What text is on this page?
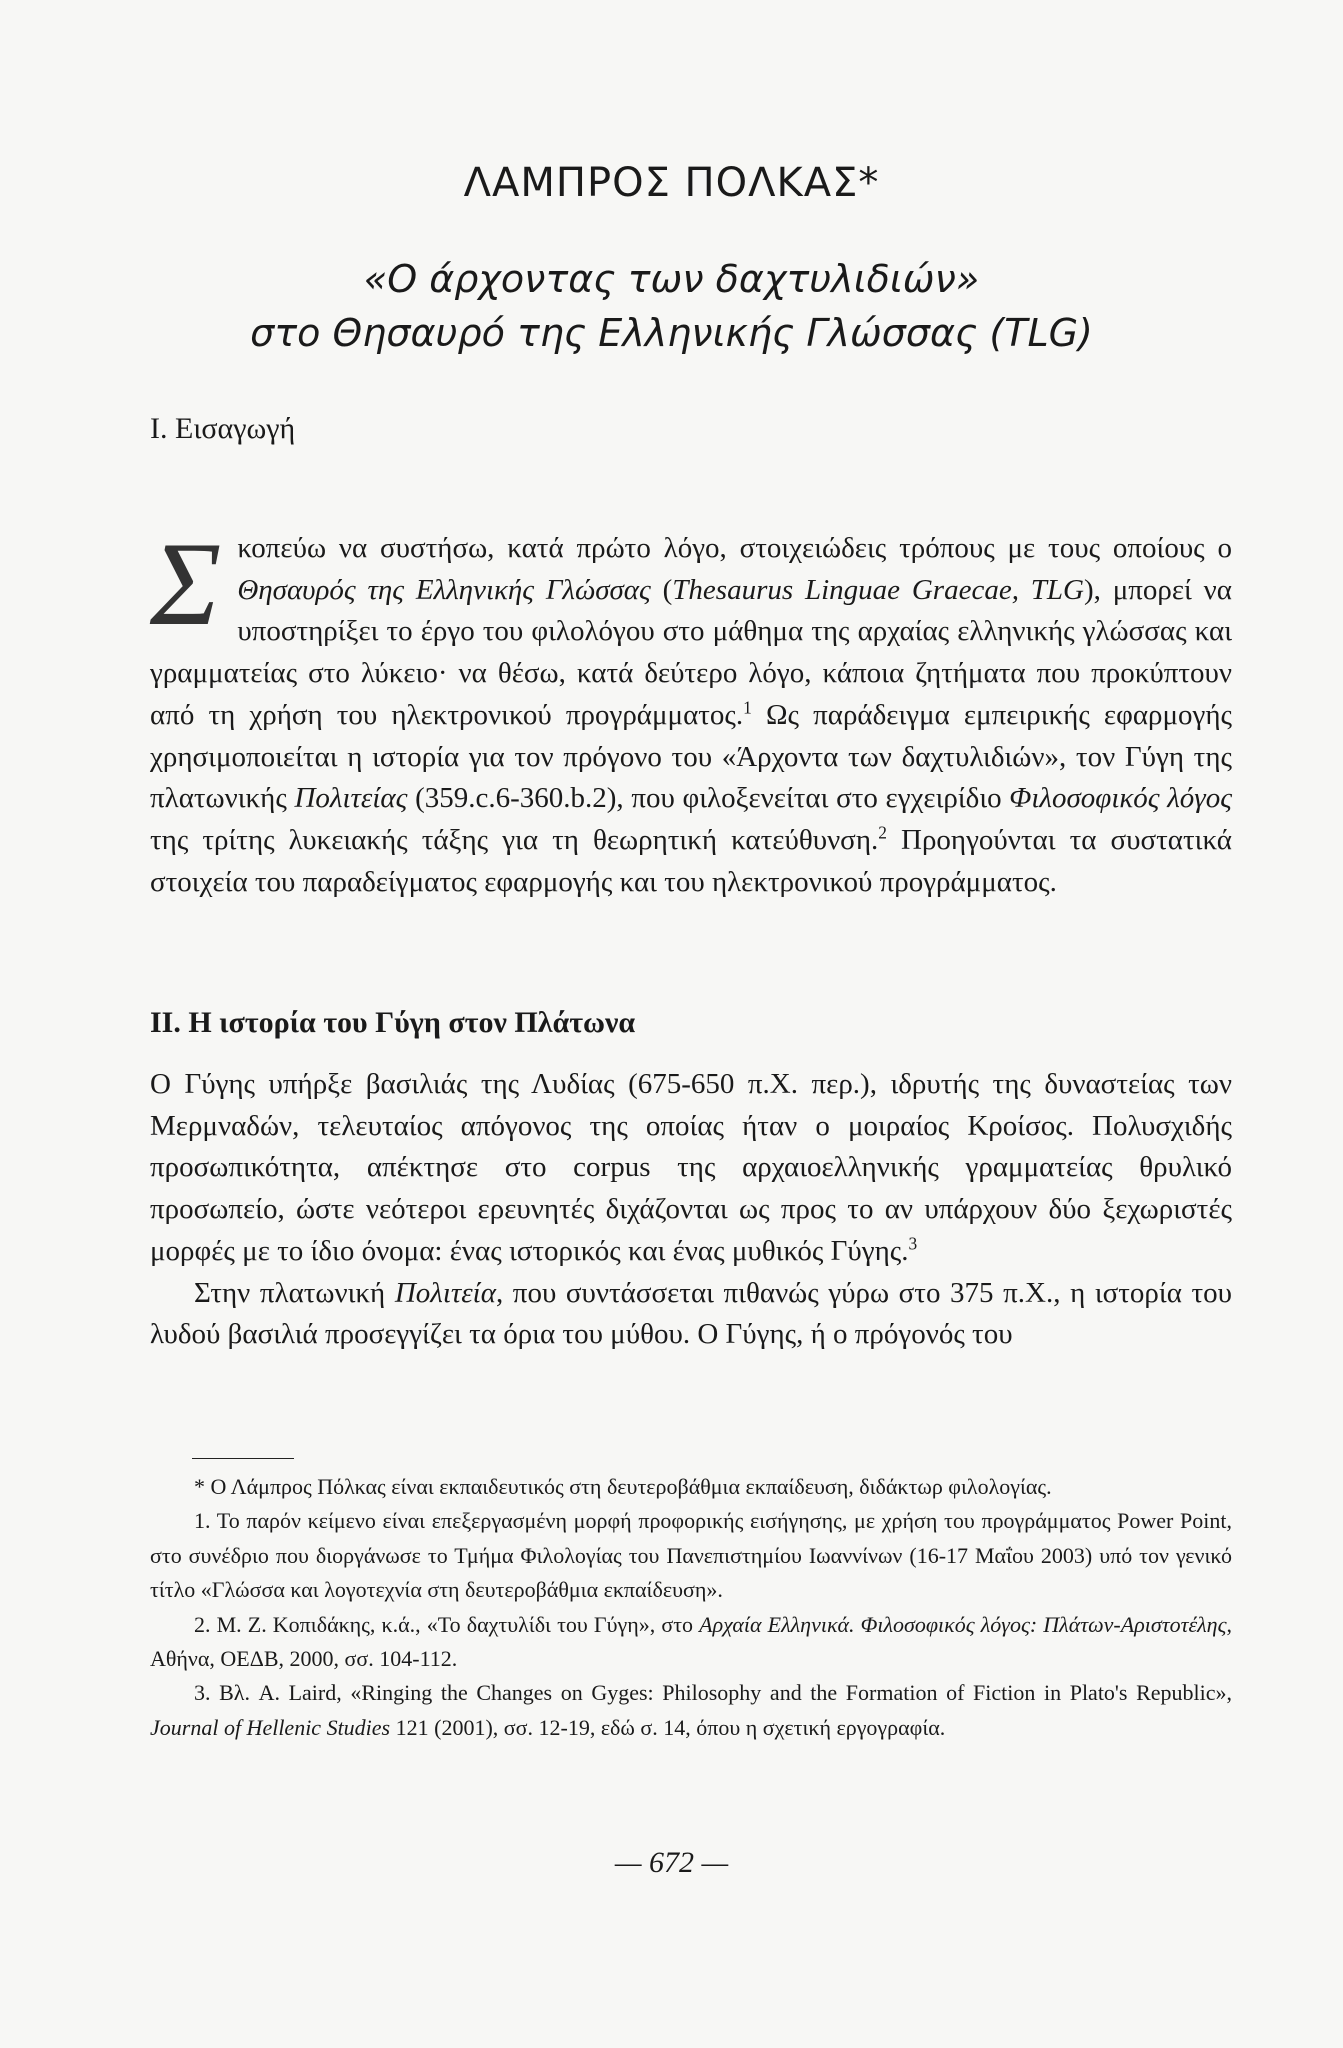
ΛΑΜΠΡΟΣ ΠΟΛΚΑΣ*
«Ο άρχοντας των δαχτυλιδιών»
στο Θησαυρό της Ελληνικής Γλώσσας (TLG)
I. Εισαγωγή

Σκοπεύω να συστήσω, κατά πρώτο λόγο, στοιχειώδεις τρόπους με τους οποίους ο Θησαυρός της Ελληνικής Γλώσσας (Thesaurus Linguae Graecae, TLG), μπορεί να υποστηρίξει το έργο του φιλολόγου στο μάθημα της αρχαίας ελληνικής γλώσσας και γραμματείας στο λύκειο· να θέσω, κατά δεύτερο λόγο, κάποια ζητήματα που προκύπτουν από τη χρήση του ηλεκτρονικού προγράμματος.$^1$ Ως παράδειγμα εμπειρικής εφαρμογής χρησιμοποιείται η ιστορία για τον πρόγονο του «Άρχοντα των δαχτυλιδιών», τον Γύγη της πλατωνικής Πολιτείας (359.c.6-360.b.2), που φιλοξενείται στο εγχειρίδιο Φιλοσοφικός λόγος της τρίτης λυκειακής τάξης για τη θεωρητική κατεύθυνση.$^2$ Προηγούνται τα συστατικά στοιχεία του παραδείγματος εφαρμογής και του ηλεκτρονικού προγράμματος.

II. Η ιστορία του Γύγη στον Πλάτωνα

Ο Γύγης υπήρξε βασιλιάς της Λυδίας (675-650 π.Χ. περ.), ιδρυτής της δυναστείας των Μερμναδών, τελευταίος απόγονος της οποίας ήταν ο μοιραίος Κροίσος. Πολυσχιδής προσωπικότητα, απέκτησε στο corpus της αρχαιοελληνικής γραμματείας θρυλικό προσωπείο, ώστε νεότεροι ερευνητές διχάζονται ως προς το αν υπάρχουν δύο ξεχωριστές μορφές με το ίδιο όνομα: ένας ιστορικός και ένας μυθικός Γύγης.$^3$

Στην πλατωνική Πολιτεία, που συντάσσεται πιθανώς γύρω στο 375 π.Χ., η ιστορία του λυδού βασιλιά προσεγγίζει τα όρια του μύθου. Ο Γύγης, ή ο πρόγονός του

* Ο Λάμπρος Πόλκας είναι εκπαιδευτικός στη δευτεροβάθμια εκπαίδευση, διδάκτωρ φιλολογίας.

1. Το παρόν κείμενο είναι επεξεργασμένη μορφή προφορικής εισήγησης, με χρήση του προγράμματος Power Point, στο συνέδριο που διοργάνωσε το Τμήμα Φιλολογίας του Πανεπιστημίου Ιωαννίνων (16-17 Μαΐου 2003) υπό τον γενικό τίτλο «Γλώσσα και λογοτεχνία στη δευτεροβάθμια εκπαίδευση».

2. Μ. Ζ. Κοπιδάκης, κ.ά., «Το δαχτυλίδι του Γύγη», στο Αρχαία Ελληνικά. Φιλοσοφικός λόγος: Πλάτων-Αριστοτέλης, Αθήνα, ΟΕΔΒ, 2000, σσ. 104-112.

3. Βλ. A. Laird, «Ringing the Changes on Gyges: Philosophy and the Formation of Fiction in Plato's Republic», Journal of Hellenic Studies 121 (2001), σσ. 12-19, εδώ σ. 14, όπου η σχετική εργογραφία.

— 672 —
